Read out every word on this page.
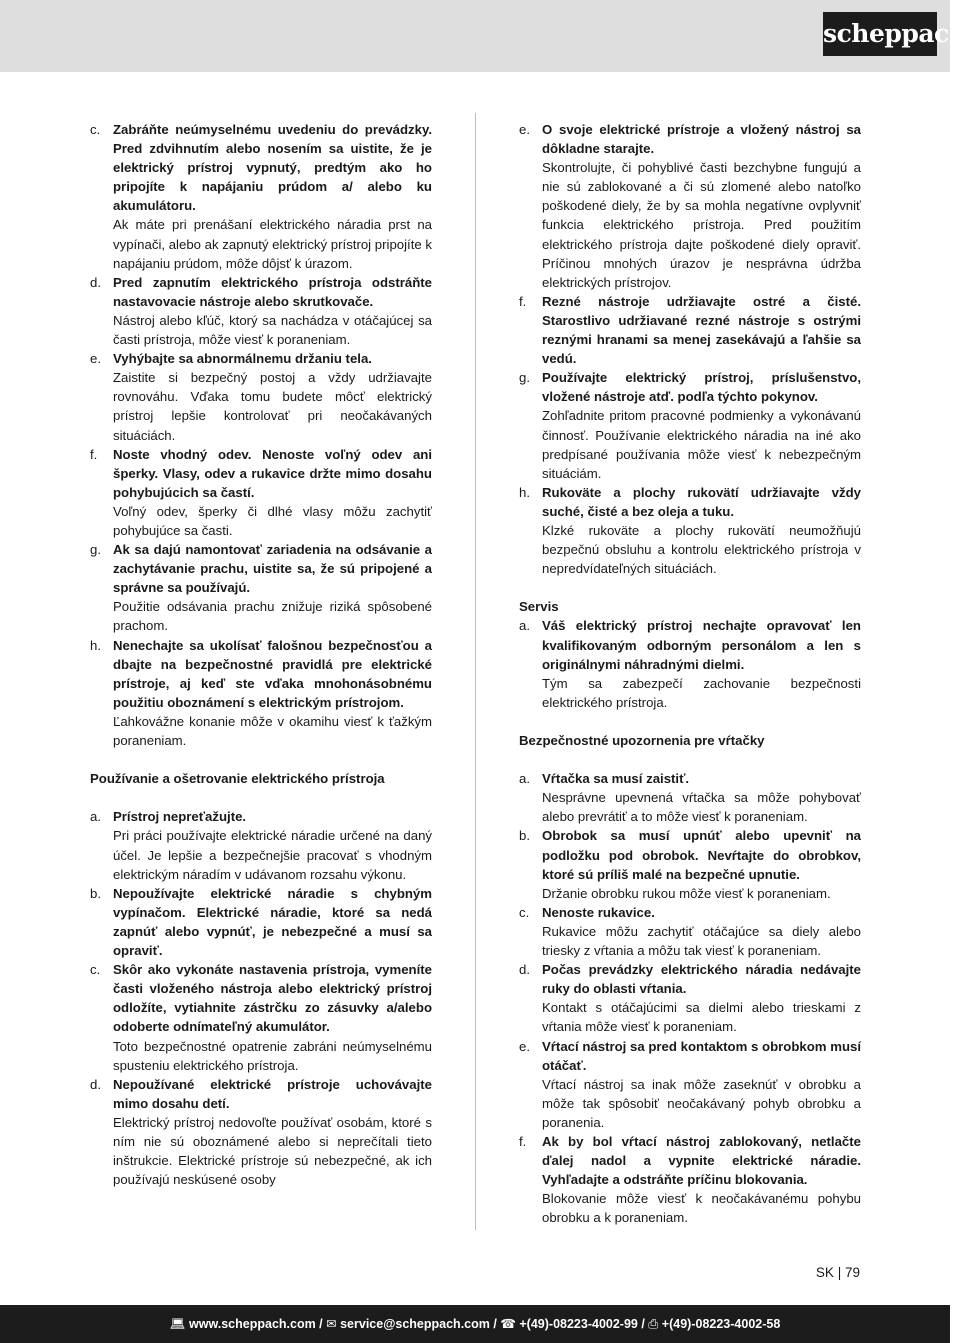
scheppach
c. Zabráňte neúmyselnému uvedeniu do prevádzky. Pred zdvihnutím alebo nosením sa uistite, že je elektrický prístroj vypnutý, predtým ako ho pripojíte k napájaniu prúdom a/ alebo ku akumulátoru.

Ak máte pri prenášaní elektrického náradia prst na vypínači, alebo ak zapnutý elektrický prístroj pripojíte k napájaniu prúdom, môže dôjsť k úrazom.

d. Pred zapnutím elektrického prístroja odstráňte nastavovacie nástroje alebo skrutkovače.

Nástroj alebo kľúč, ktorý sa nachádza v otáčajúcej sa časti prístroja, môže viesť k poraneniam.

e. Vyhýbajte sa abnormálnemu držaniu tela.

Zaistite si bezpečný postoj a vždy udržiavajte rovnováhu. Vďaka tomu budete môcť elektrický prístroj lepšie kontrolovať pri neočakávaných situáciách.

f.	Noste vhodný odev. Nenoste voľný odev ani šperky. Vlasy, odev a rukavice držte mimo dosahu pohybujúcich sa častí.

Voľný odev, šperky či dlhé vlasy môžu zachytiť pohybujúce sa časti.

g. Ak sa dajú namontovať zariadenia na odsávanie a zachytávanie prachu, uistite sa, že sú pripojené a správne sa používajú.

Použitie odsávania prachu znižuje riziká spôsobené prachom.

h. Nenechajte sa ukolísať falošnou bezpečnosťou a dbajte na bezpečnostné pravidlá pre elektrické prístroje, aj keď ste vďaka mnohonásobnému použitiu oboznámení s elektrickým prístrojom.

Ľahkovážne konanie môže v okamihu viesť k ťažkým poraneniam.

Používanie a ošetrovanie elektrického prístroja

a. Prístroj nepreťažujte.

Pri práci používajte elektrické náradie určené na daný účel. Je lepšie a bezpečnejšie pracovať s vhodným elektrickým náradím v udávanom rozsahu výkonu.

b. Nepoužívajte elektrické náradie s chybným vypínačom. Elektrické náradie, ktoré sa nedá zapnúť alebo vypnúť, je nebezpečné a musí sa opraviť.

c. Skôr ako vykonáte nastavenia prístroja, vymeníte časti vloženého nástroja alebo elektrický prístroj odložíte, vytiahnite zástrčku zo zásuvky a/alebo odoberte odnímateľný akumulátor.

Toto bezpečnostné opatrenie zabráni neúmyselnému spusteniu elektrického prístroja.

d. Nepoužívané elektrické prístroje uchovávajte mimo dosahu detí.

Elektrický prístroj nedovoľte používať osobám, ktoré s ním nie sú oboznámené alebo si neprečítali tieto inštrukcie. Elektrické prístroje sú nebezpečné, ak ich používajú neskúsené osoby

e. O svoje elektrické prístroje a vložený nástroj sa dôkladne starajte.

Skontrolujte, či pohyblivé časti bezchybne fungujú a nie sú zablokované a či sú zlomené alebo natoľko poškodené diely, že by sa mohla negatívne ovplyvniť funkcia elektrického prístroja. Pred použitím elektrického prístroja dajte poškodené diely opraviť. Príčinou mnohých úrazov je nesprávna údržba elektrických prístrojov.

f.	Rezné nástroje udržiavajte ostré a čisté. Starostlivo udržiavané rezné nástroje s ostrými reznými hranami sa menej zasekávajú a ľahšie sa vedú.

g. Používajte elektrický prístroj, príslušenstvo, vložené nástroje atď. podľa týchto pokynov.

Zohľadnite pritom pracovné podmienky a vykonávanú činnosť. Používanie elektrického náradia na iné ako predpísané používania môže viesť k nebezpečným situáciám.

h. Rukoväte a plochy rukovätí udržiavajte vždy suché, čisté a bez oleja a tuku.

Klzké rukoväte a plochy rukovätí neumožňujú bezpečnú obsluhu a kontrolu elektrického prístroja v nepredvídateľných situáciách.

Servis

a. Váš elektrický prístroj nechajte opravovať len kvalifikovaným odborným personálom a len s originálnymi náhradnými dielmi.

Tým sa zabezpečí zachovanie bezpečnosti elektrického prístroja.

Bezpečnostné upozornenia pre vŕtačky

a. Vŕtačka sa musí zaistiť.

Nesprávne upevnená vŕtačka sa môže pohybovať alebo prevrátiť a to môže viesť k poraneniam.

b. Obrobok sa musí upnúť alebo upevniť na podložku pod obrobok. Nevŕtajte do obrobkov, ktoré sú príliš malé na bezpečné upnutie.

Držanie obrobku rukou môže viesť k poraneniam.

c. Nenoste rukavice.

Rukavice môžu zachytiť otáčajúce sa diely alebo triesky z vŕtania a môžu tak viesť k poraneniam.

d. Počas prevádzky elektrického náradia nedávajte ruky do oblasti vŕtania.

Kontakt s otáčajúcimi sa dielmi alebo trieskami z vŕtania môže viesť k poraneniam.

e. Vŕtací nástroj sa pred kontaktom s obrobkom musí otáčať.

Vŕtací nástroj sa inak môže zaseknúť v obrobku a môže tak spôsobiť neočakávaný pohyb obrobku a poranenia.

f.	Ak by bol vŕtací nástroj zablokovaný, netlačte ďalej nadol a vypnite elektrické náradie. Vyhľadajte a odstráňte príčinu blokovania.

Blokovanie môže viesť k neočakávanému pohybu obrobku a k poraneniam.

SK | 79
💻︎ www.scheppach.com / ✉ service@scheppach.com / ☎ +(49)-08223-4002-99 / ⎙ +(49)-08223-4002-58
